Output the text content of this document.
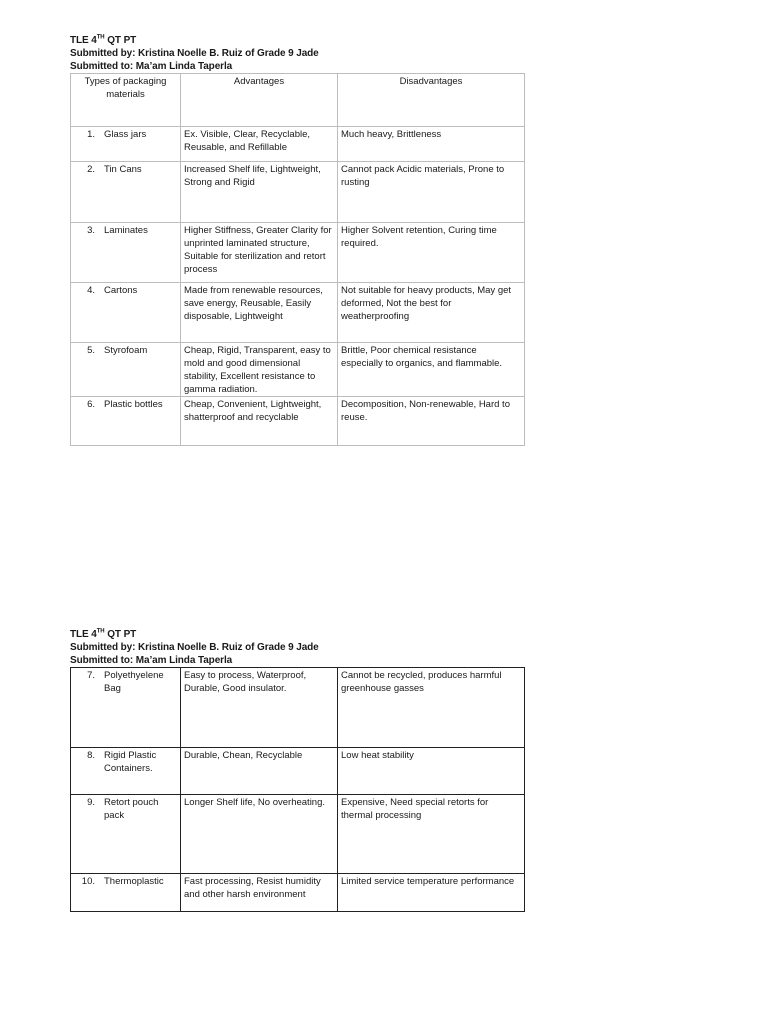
TLE 4TH QT PT
Submitted by: Kristina Noelle B. Ruiz of Grade 9 Jade
Submitted to: Ma’am Linda Taperla
Types of packaging materials	Advantages	Disadvantages

1. Glass jars	Ex. Visible, Clear, Recyclable, Reusable, and Refillable	Much heavy, Brittleness

2. Tin Cans	Increased Shelf life, Lightweight, Strong and Rigid	Cannot pack Acidic materials, Prone to rusting

3. Laminates	Higher Stiffness, Greater Clarity for unprinted laminated structure, Suitable for sterilization and retort process	Higher Solvent retention, Curing time required.

4. Cartons	Made from renewable resources, save energy, Reusable, Easily disposable, Lightweight	Not suitable for heavy products, May get deformed, Not the best for weatherproofing

5. Styrofoam	Cheap, Rigid, Transparent, easy to mold and good dimensional stability, Excellent resistance to gamma radiation.	Brittle, Poor chemical resistance especially to organics, and flammable.

6. Plastic bottles	Cheap, Convenient, Lightweight, shatterproof and recyclable	Decomposition, Non-renewable, Hard to reuse.
TLE 4TH QT PT
Submitted by: Kristina Noelle B. Ruiz of Grade 9 Jade
Submitted to: Ma’am Linda Taperla
7. Polyethyelene Bag	Easy to process, Waterproof, Durable, Good insulator.	Cannot be recycled, produces harmful greenhouse gasses

8. Rigid Plastic Containers.	Durable, Chean, Recyclable	Low heat stability

9. Retort pouch pack	Longer Shelf life, No overheating.	Expensive, Need special retorts for thermal processing

10. Thermoplastic	Fast processing, Resist humidity and other harsh environment	Limited service temperature performance
